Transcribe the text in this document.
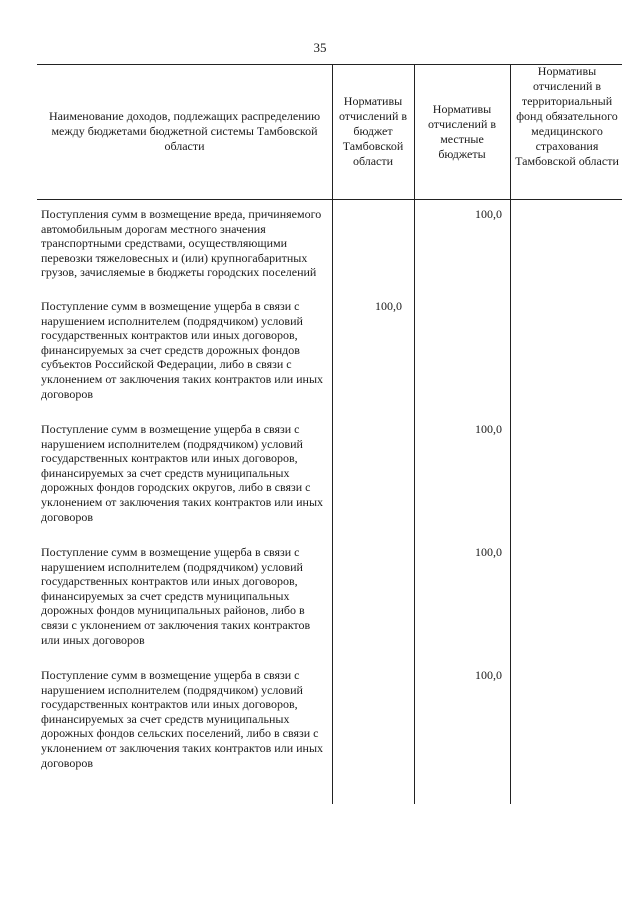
35
Наименование доходов, подлежащих распределению между бюджетами бюджетной системы Тамбовской области
Нормативы отчислений в бюджет Тамбовской области
Нормативы отчислений в местные бюджеты
Нормативы отчислений в территориальный фонд обязательного медицинского страхования Тамбовской области
Поступления сумм в возмещение вреда, причиняемого автомобильным дорогам местного значения транспортными средствами, осуществляющими перевозки тяжеловесных и (или) крупногабаритных грузов, зачисляемые в бюджеты городских поселений
100,0
Поступление сумм в возмещение ущерба в связи с нарушением исполнителем (подрядчиком) условий государственных контрактов или иных договоров, финансируемых за счет средств дорожных фондов субъектов Российской Федерации, либо в связи с уклонением от заключения таких контрактов или иных договоров
100,0
Поступление сумм в возмещение ущерба в связи с нарушением исполнителем (подрядчиком) условий государственных контрактов или иных договоров, финансируемых за счет средств муниципальных дорожных фондов городских округов, либо в связи с уклонением от заключения таких контрактов или иных договоров
100,0
Поступление сумм в возмещение ущерба в связи с нарушением исполнителем (подрядчиком) условий государственных контрактов или иных договоров, финансируемых за счет средств муниципальных дорожных фондов муниципальных районов, либо в связи с уклонением от заключения таких контрактов или иных договоров
100,0
Поступление сумм в возмещение ущерба в связи с нарушением исполнителем (подрядчиком) условий государственных контрактов или иных договоров, финансируемых за счет средств муниципальных дорожных фондов сельских поселений, либо в связи с уклонением от заключения таких контрактов или иных договоров
100,0
